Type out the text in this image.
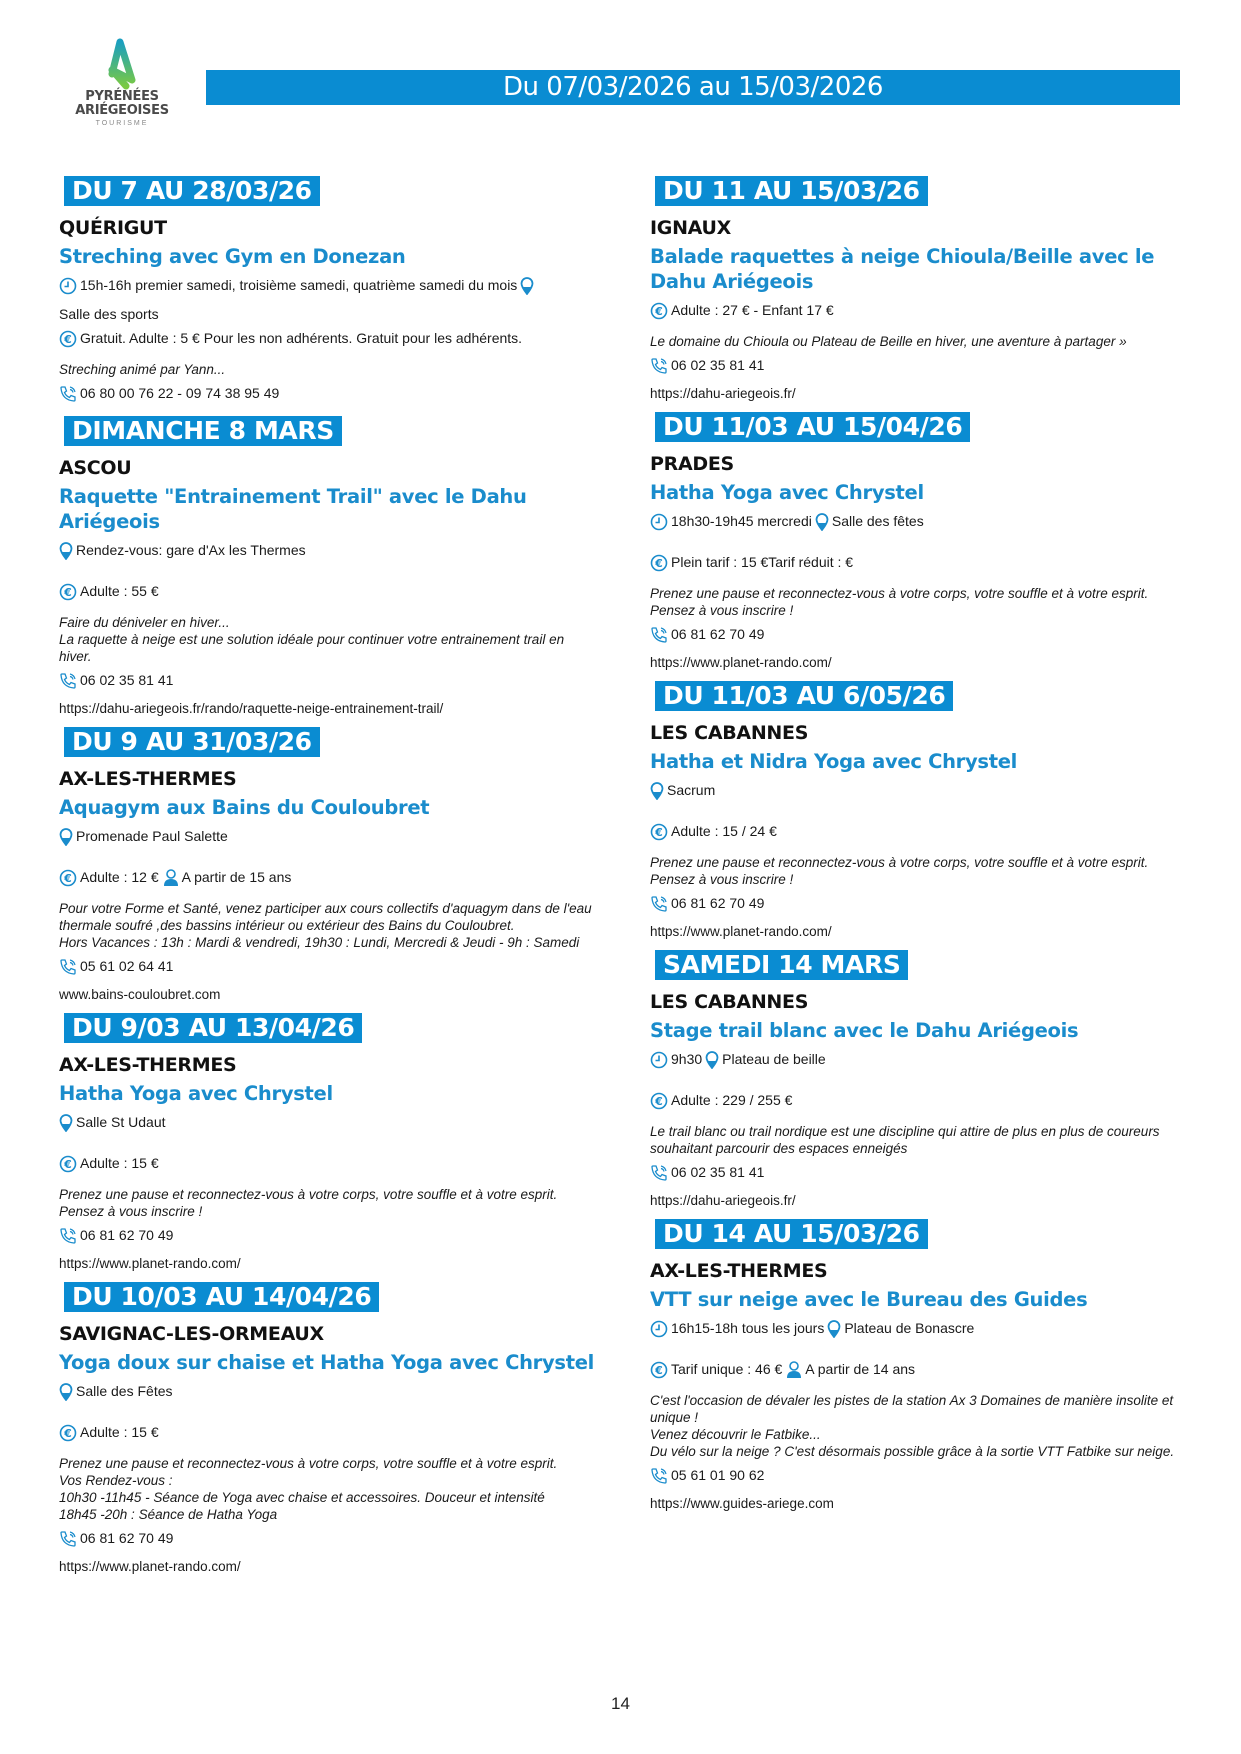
PYRÉNÉES
ARIÉGEOISES
TOURISME
Du 07/03/2026 au 15/03/2026
DU 7 AU 28/03/26
QUÉRIGUT
Streching avec Gym en Donezan
15h-16h premier samedi, troisième samedi, quatrième samedi du mois
Salle des sports
€ Gratuit. Adulte : 5 € Pour les non adhérents. Gratuit pour les adhérents.
Streching animé par Yann...
06 80 00 76 22 - 09 74 38 95 49
DIMANCHE 8 MARS
ASCOU
Raquette "Entrainement Trail" avec le Dahu Ariégeois
Rendez-vous: gare d'Ax les Thermes
€ Adulte : 55 €
Faire du déniveler en hiver...
La raquette à neige est une solution idéale pour continuer votre entrainement trail en hiver.
06 02 35 81 41
https://dahu-ariegeois.fr/rando/raquette-neige-entrainement-trail/
DU 9 AU 31/03/26
AX-LES-THERMES
Aquagym aux Bains du Couloubret
Promenade Paul Salette
€ Adulte : 12 € A partir de 15 ans
Pour votre Forme et Santé, venez participer aux cours collectifs d'aquagym dans de l'eau thermale soufré ,des bassins intérieur ou extérieur des Bains du Couloubret.
Hors Vacances : 13h : Mardi & vendredi, 19h30 : Lundi, Mercredi & Jeudi - 9h : Samedi
05 61 02 64 41
www.bains-couloubret.com
DU 9/03 AU 13/04/26
AX-LES-THERMES
Hatha Yoga avec Chrystel
Salle St Udaut
€ Adulte : 15 €
Prenez une pause et reconnectez-vous à votre corps, votre souffle et à votre esprit.
Pensez à vous inscrire !
06 81 62 70 49
https://www.planet-rando.com/
DU 10/03 AU 14/04/26
SAVIGNAC-LES-ORMEAUX
Yoga doux sur chaise et Hatha Yoga avec Chrystel
Salle des Fêtes
€ Adulte : 15 €
Prenez une pause et reconnectez-vous à votre corps, votre souffle et à votre esprit.
Vos Rendez-vous :
10h30 -11h45 - Séance de Yoga avec chaise et accessoires. Douceur et intensité
18h45 -20h : Séance de Hatha Yoga
06 81 62 70 49
https://www.planet-rando.com/
DU 11 AU 15/03/26
IGNAUX
Balade raquettes à neige Chioula/Beille avec le Dahu Ariégeois
€ Adulte : 27 € - Enfant 17 €
Le domaine du Chioula ou Plateau de Beille en hiver, une aventure à partager »
06 02 35 81 41
https://dahu-ariegeois.fr/
DU 11/03 AU 15/04/26
PRADES
Hatha Yoga avec Chrystel
18h30-19h45 mercredi Salle des fêtes
€ Plein tarif : 15 €Tarif réduit : €
Prenez une pause et reconnectez-vous à votre corps, votre souffle et à votre esprit.
Pensez à vous inscrire !
06 81 62 70 49
https://www.planet-rando.com/
DU 11/03 AU 6/05/26
LES CABANNES
Hatha et Nidra Yoga avec Chrystel
Sacrum
€ Adulte : 15 / 24 €
Prenez une pause et reconnectez-vous à votre corps, votre souffle et à votre esprit.
Pensez à vous inscrire !
06 81 62 70 49
https://www.planet-rando.com/
SAMEDI 14 MARS
LES CABANNES
Stage trail blanc avec le Dahu Ariégeois
9h30 Plateau de beille
€ Adulte : 229 / 255 €
Le trail blanc ou trail nordique est une discipline qui attire de plus en plus de coureurs souhaitant parcourir des espaces enneigés
06 02 35 81 41
https://dahu-ariegeois.fr/
DU 14 AU 15/03/26
AX-LES-THERMES
VTT sur neige avec le Bureau des Guides
16h15-18h tous les jours Plateau de Bonascre
€ Tarif unique : 46 € A partir de 14 ans
C'est l'occasion de dévaler les pistes de la station Ax 3 Domaines de manière insolite et unique !
Venez découvrir le Fatbike...
Du vélo sur la neige ? C'est désormais possible grâce à la sortie VTT Fatbike sur neige.
05 61 01 90 62
https://www.guides-ariege.com
14
